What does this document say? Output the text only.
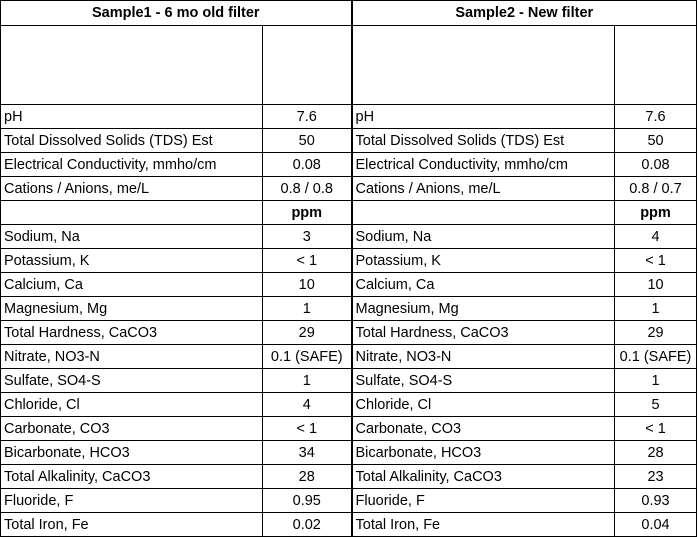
Sample1 - 6 mo old filter		Sample2 - New filter	

pH	7.6	pH	7.6
Total Dissolved Solids (TDS) Est	50	Total Dissolved Solids (TDS) Est	50
Electrical Conductivity, mmho/cm	0.08	Electrical Conductivity, mmho/cm	0.08
Cations / Anions, me/L	0.8 / 0.8	Cations / Anions, me/L	0.8 / 0.7
	ppm		ppm
Sodium, Na	3	Sodium, Na	4
Potassium, K	< 1	Potassium, K	< 1
Calcium, Ca	10	Calcium, Ca	10
Magnesium, Mg	1	Magnesium, Mg	1
Total Hardness, CaCO3	29	Total Hardness, CaCO3	29
Nitrate, NO3-N	0.1 (SAFE)	Nitrate, NO3-N	0.1 (SAFE)
Sulfate, SO4-S	1	Sulfate, SO4-S	1
Chloride, Cl	4	Chloride, Cl	5
Carbonate, CO3	< 1	Carbonate, CO3	< 1
Bicarbonate, HCO3	34	Bicarbonate, HCO3	28
Total Alkalinity, CaCO3	28	Total Alkalinity, CaCO3	23
Fluoride, F	0.95	Fluoride, F	0.93
Total Iron, Fe	0.02	Total Iron, Fe	0.04
